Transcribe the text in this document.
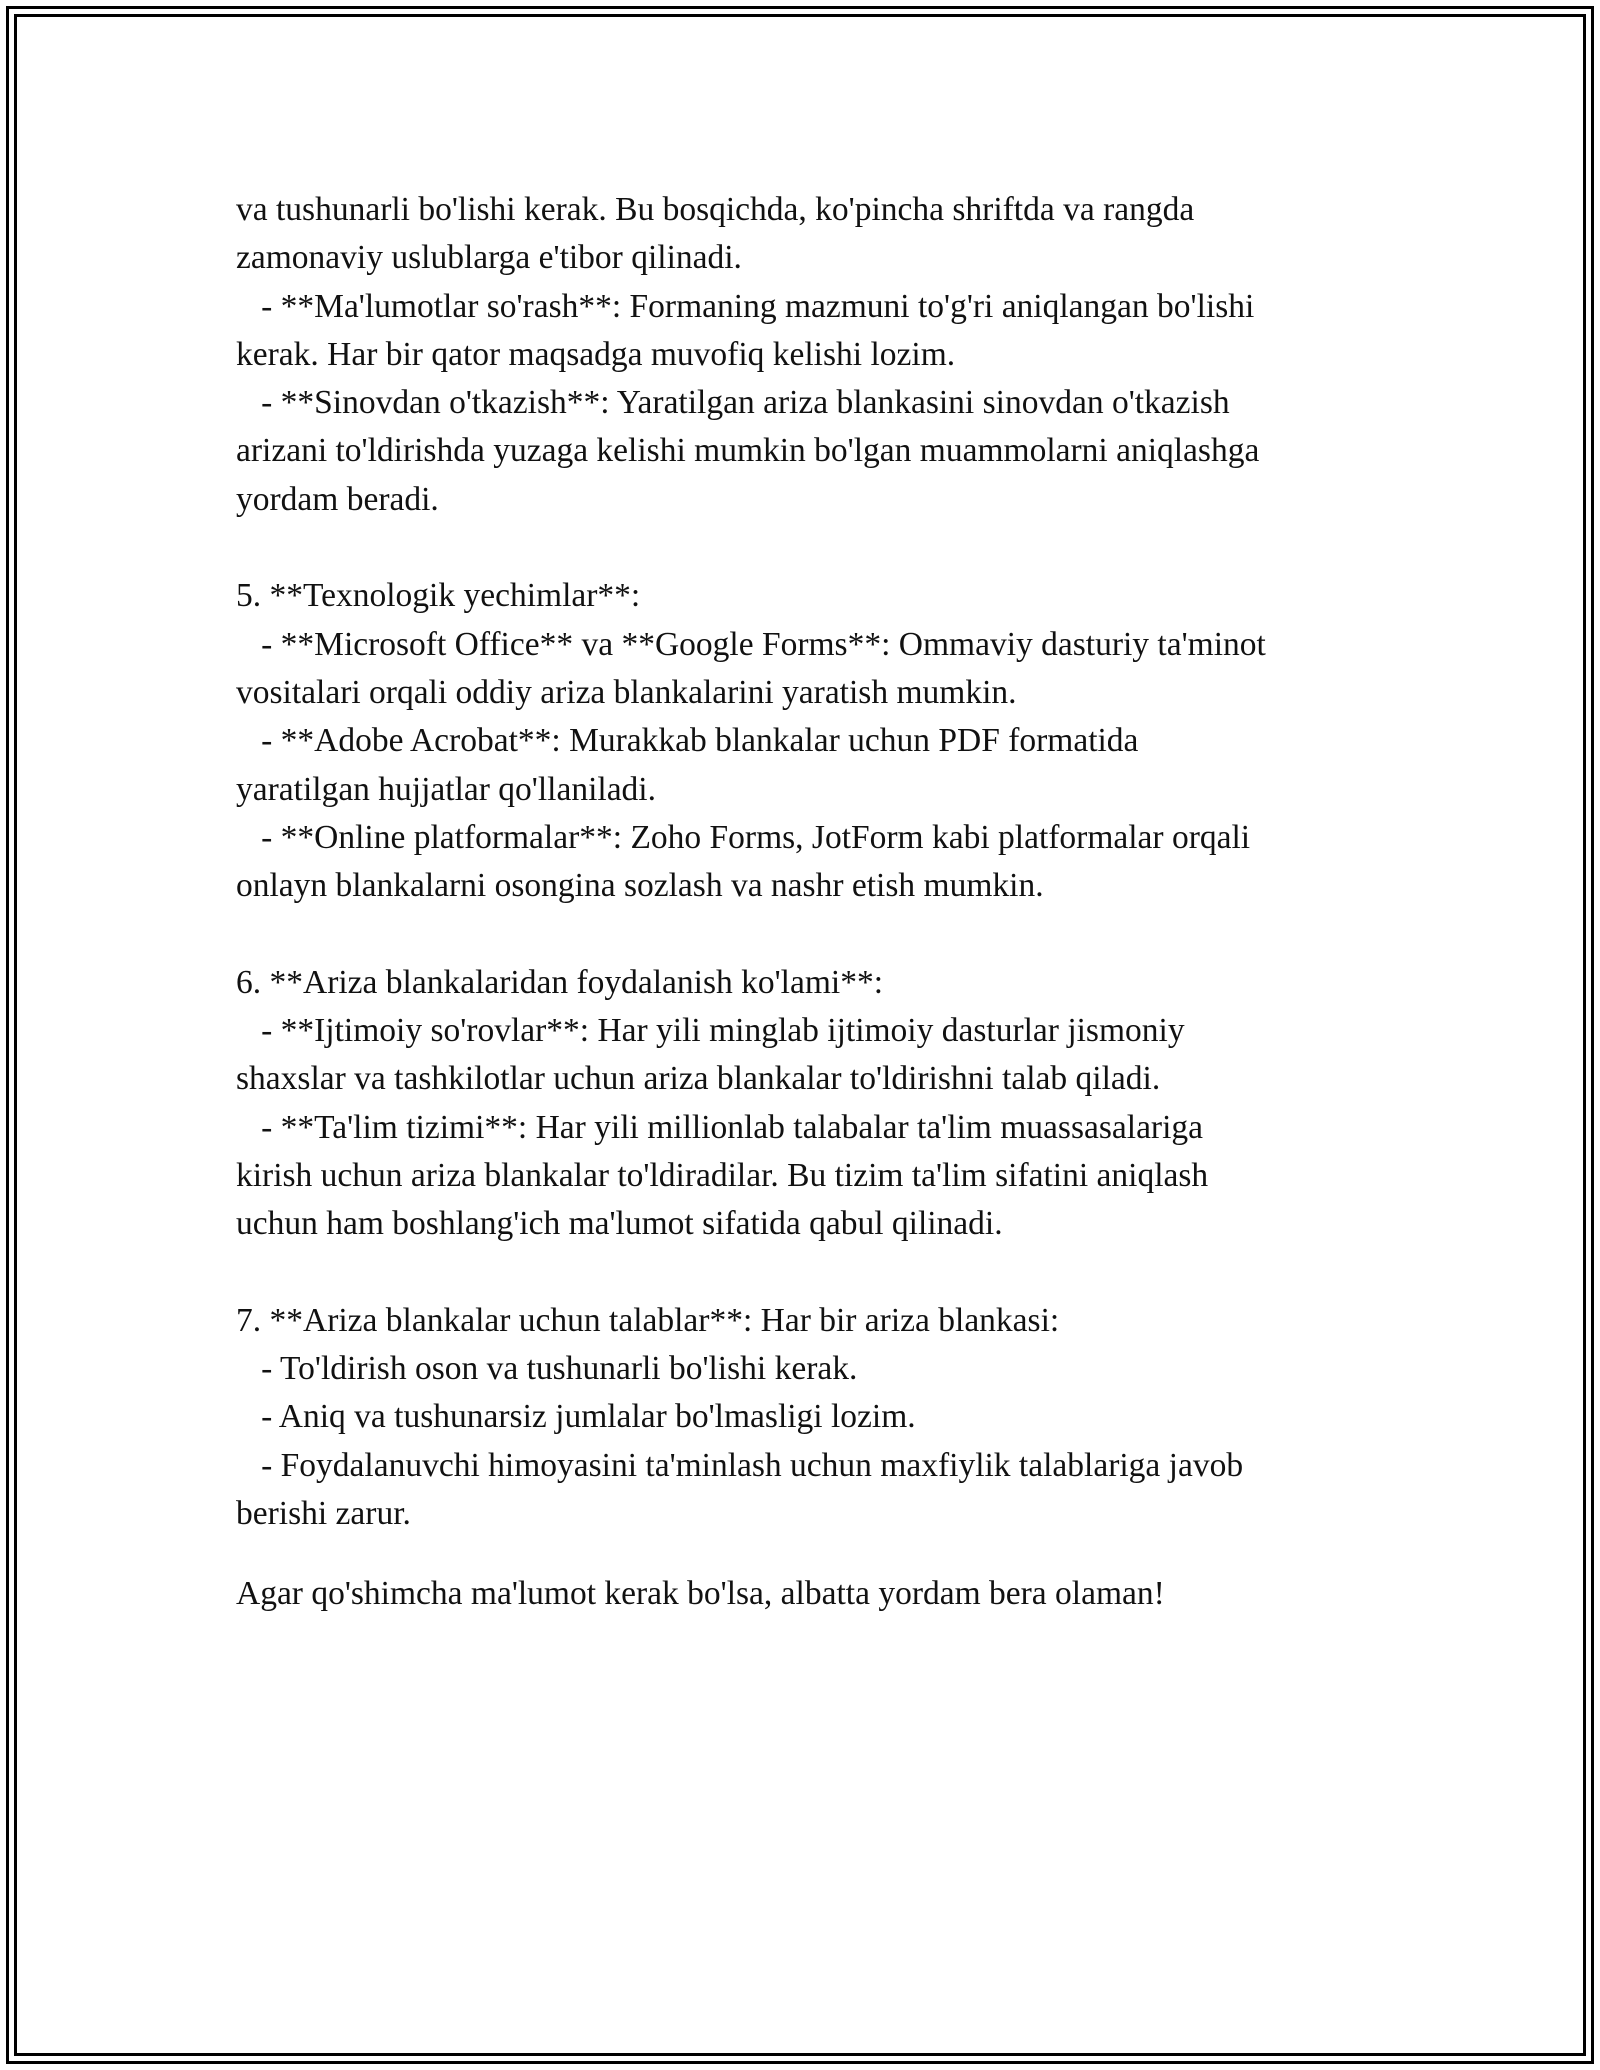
va tushunarli bo'lishi kerak. Bu bosqichda, ko'pincha shriftda va rangda
zamonaviy uslublarga e'tibor qilinadi.
- **Ma'lumotlar so'rash**: Formaning mazmuni to'g'ri aniqlangan bo'lishi
kerak. Har bir qator maqsadga muvofiq kelishi lozim.
- **Sinovdan o'tkazish**: Yaratilgan ariza blankasini sinovdan o'tkazish
arizani to'ldirishda yuzaga kelishi mumkin bo'lgan muammolarni aniqlashga
yordam beradi.
5. **Texnologik yechimlar**:
- **Microsoft Office** va **Google Forms**: Ommaviy dasturiy ta'minot
vositalari orqali oddiy ariza blankalarini yaratish mumkin.
- **Adobe Acrobat**: Murakkab blankalar uchun PDF formatida
yaratilgan hujjatlar qo'llaniladi.
- **Online platformalar**: Zoho Forms, JotForm kabi platformalar orqali
onlayn blankalarni osongina sozlash va nashr etish mumkin.
6. **Ariza blankalaridan foydalanish ko'lami**:
- **Ijtimoiy so'rovlar**: Har yili minglab ijtimoiy dasturlar jismoniy
shaxslar va tashkilotlar uchun ariza blankalar to'ldirishni talab qiladi.
- **Ta'lim tizimi**: Har yili millionlab talabalar ta'lim muassasalariga
kirish uchun ariza blankalar to'ldiradilar. Bu tizim ta'lim sifatini aniqlash
uchun ham boshlang'ich ma'lumot sifatida qabul qilinadi.
7. **Ariza blankalar uchun talablar**: Har bir ariza blankasi:
- To'ldirish oson va tushunarli bo'lishi kerak.
- Aniq va tushunarsiz jumlalar bo'lmasligi lozim.
- Foydalanuvchi himoyasini ta'minlash uchun maxfiylik talablariga javob
berishi zarur.
Agar qo'shimcha ma'lumot kerak bo'lsa, albatta yordam bera olaman!
